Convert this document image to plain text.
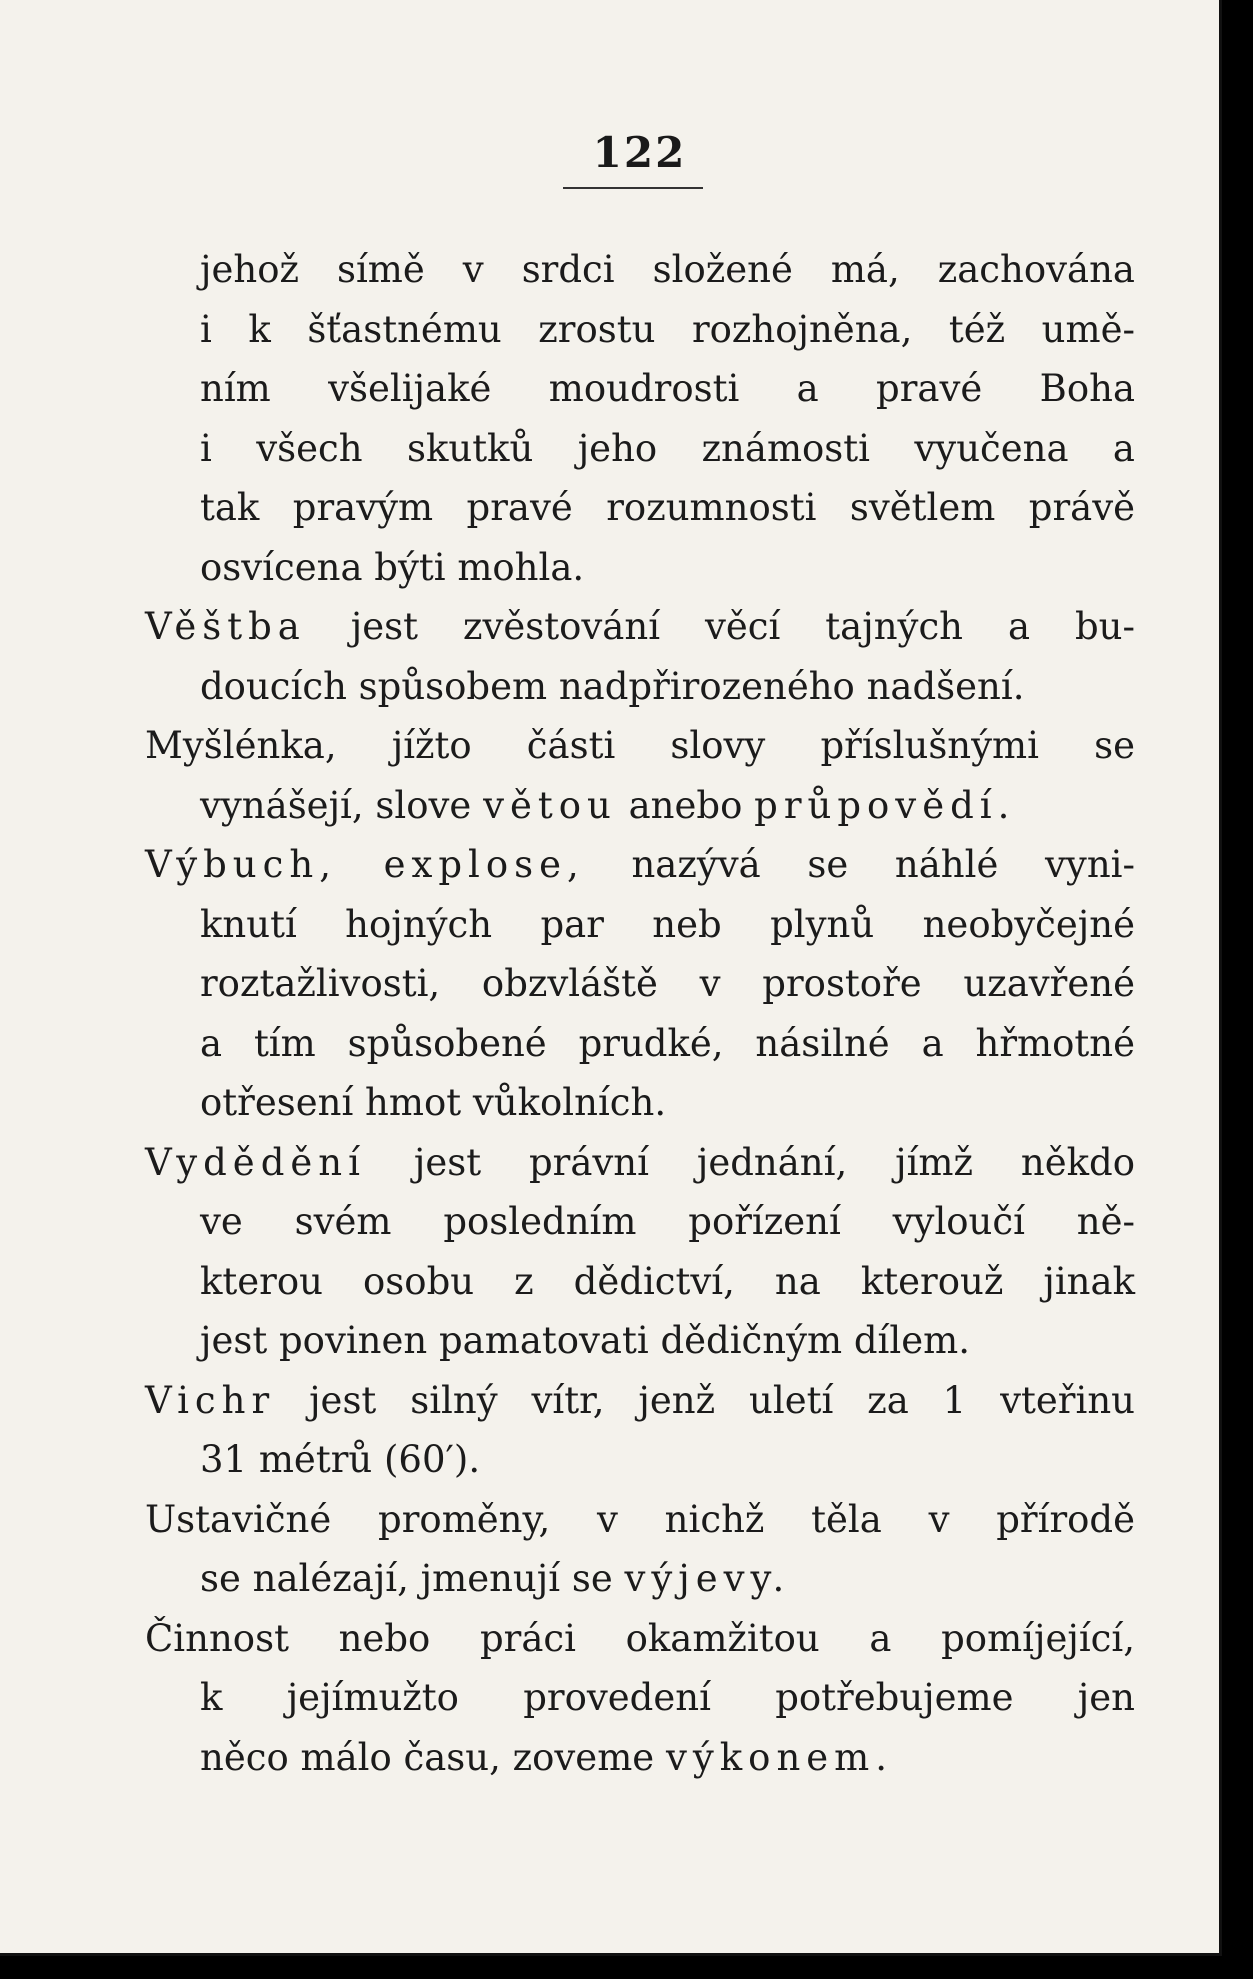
122
jehož símě v srdci složené má, zachována
i k šťastnému zrostu rozhojněna, též umě-
ním všelijaké moudrosti a pravé Boha
i všech skutků jeho známosti vyučena a
tak pravým pravé rozumnosti světlem právě
osvícena býti mohla.
Věštba jest zvěstování věcí tajných a bu-
doucích spůsobem nadpřirozeného nadšení.
Myšlénka, jížto části slovy příslušnými se
vynášejí, slove větou anebo průpovědí.
Výbuch, explose, nazývá se náhlé vyni-
knutí hojných par neb plynů neobyčejné
roztažlivosti, obzvláště v prostoře uzavřené
a tím spůsobené prudké, násilné a hřmotné
otřesení hmot vůkolních.
Vydědění jest právní jednání, jímž někdo
ve svém posledním pořízení vyloučí ně-
kterou osobu z dědictví, na kterouž jinak
jest povinen pamatovati dědičným dílem.
Vichr jest silný vítr, jenž uletí za 1 vteřinu
31 métrů (60′).
Ustavičné proměny, v nichž těla v přírodě
se nalézají, jmenují se výjevy.
Činnost nebo práci okamžitou a pomíjející,
k jejímužto provedení potřebujeme jen
něco málo času, zoveme výkonem.
